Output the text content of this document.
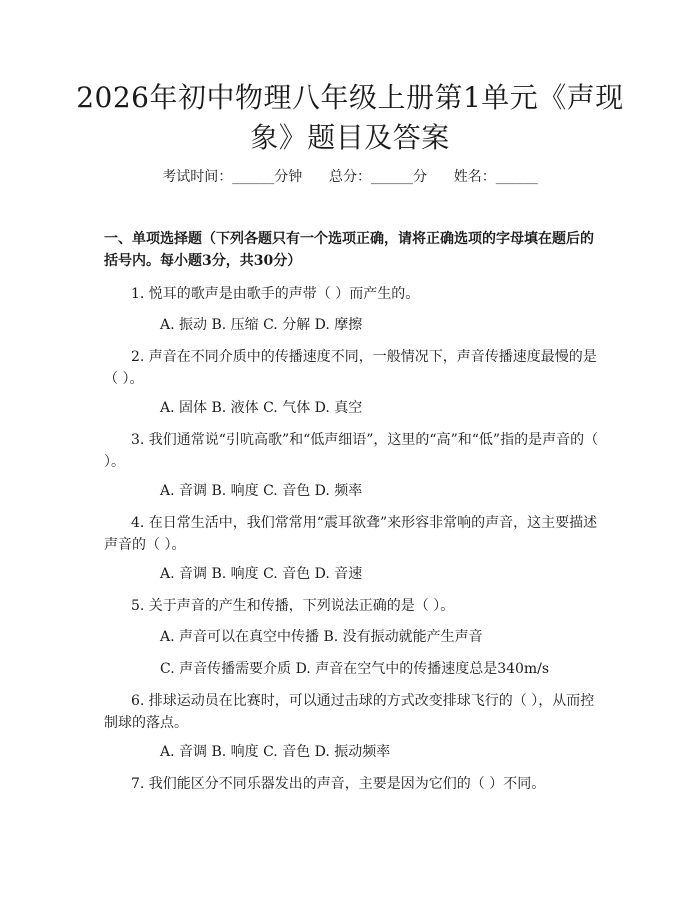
2026年初中物理八年级上册第1单元《声现象》题目及答案
考试时间：______分钟      总分：______分      姓名：______
一、单项选择题（下列各题只有一个选项正确，请将正确选项的字母填在题后的括号内。每小题3分，共30分）
1. 悦耳的歌声是由歌手的声带（ ）而产生的。
A. 振动 B. 压缩 C. 分解 D. 摩擦
2. 声音在不同介质中的传播速度不同，一般情况下，声音传播速度最慢的是（ ）。
A. 固体 B. 液体 C. 气体 D. 真空
3. 我们通常说“引吭高歌”和“低声细语”，这里的“高”和“低”指的是声音的（ ）。
A. 音调 B. 响度 C. 音色 D. 频率
4. 在日常生活中，我们常常用“震耳欲聋”来形容非常响的声音，这主要描述声音的（ ）。
A. 音调 B. 响度 C. 音色 D. 音速
5. 关于声音的产生和传播，下列说法正确的是（ ）。
A. 声音可以在真空中传播 B. 没有振动就能产生声音
C. 声音传播需要介质 D. 声音在空气中的传播速度总是340m/s
6. 排球运动员在比赛时，可以通过击球的方式改变排球飞行的（ ），从而控制球的落点。
A. 音调 B. 响度 C. 音色 D. 振动频率
7. 我们能区分不同乐器发出的声音，主要是因为它们的（ ）不同。
